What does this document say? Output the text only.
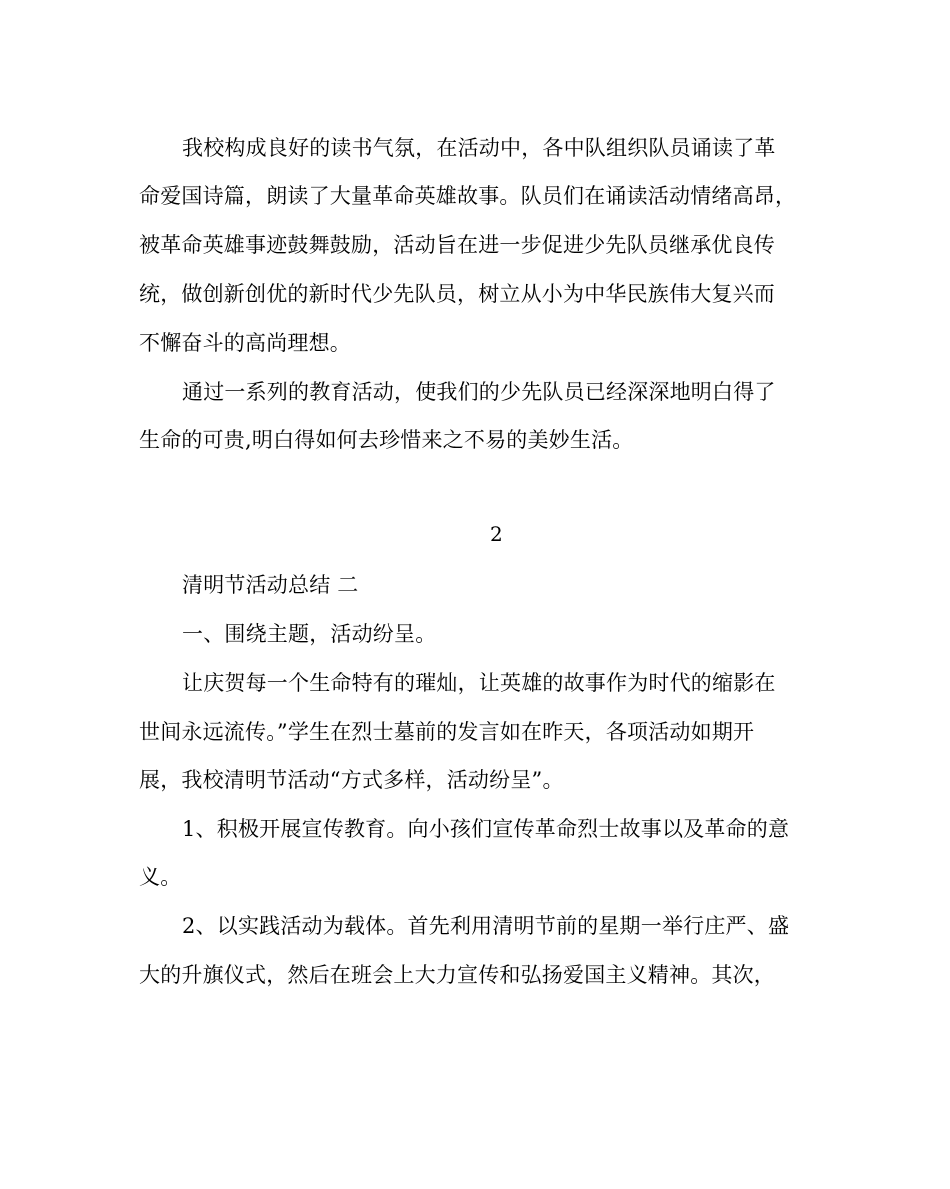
我校构成良好的读书气氛，在活动中，各中队组织队员诵读了革
命爱国诗篇，朗读了大量革命英雄故事。队员们在诵读活动情绪高昂，
被革命英雄事迹鼓舞鼓励，活动旨在进一步促进少先队员继承优良传
统，做创新创优的新时代少先队员，树立从小为中华民族伟大复兴而
不懈奋斗的高尚理想。
通过一系列的教育活动，使我们的少先队员已经深深地明白得了
生命的可贵,明白得如何去珍惜来之不易的美妙生活。
2
清明节活动总结 二
一、围绕主题，活动纷呈。
让庆贺每一个生命特有的璀灿，让英雄的故事作为时代的缩影在
世间永远流传。”学生在烈士墓前的发言如在昨天，各项活动如期开
展，我校清明节活动“方式多样，活动纷呈”。
1、积极开展宣传教育。向小孩们宣传革命烈士故事以及革命的意
义。
2、以实践活动为载体。首先利用清明节前的星期一举行庄严、盛
大的升旗仪式，然后在班会上大力宣传和弘扬爱国主义精神。其次，
